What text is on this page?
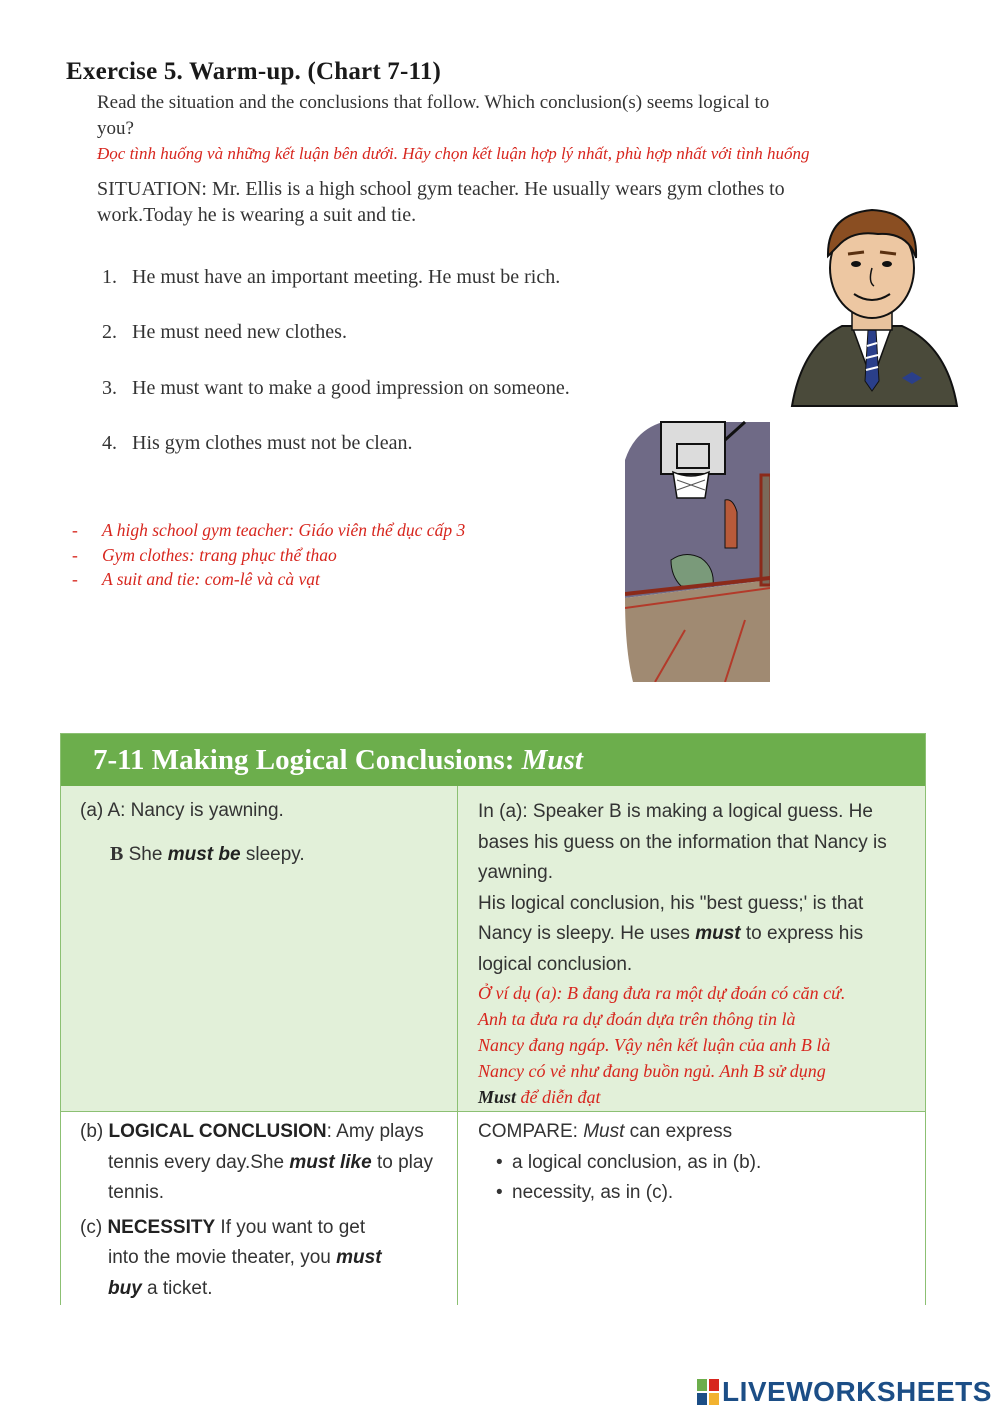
Exercise 5. Warm-up. (Chart 7-11)
Read the situation and the conclusions that follow. Which conclusion(s) seems logical to
you?
Đọc tình huống và những kết luận bên dưới. Hãy chọn kết luận hợp lý nhất, phù hợp nhất với tình huống
SITUATION: Mr. Ellis is a high school gym teacher. He usually wears gym clothes to
work.Today he is wearing a suit and tie.
1. He must have an important meeting. He must be rich.
2. He must need new clothes.
3. He must want to make a good impression on someone.
4. His gym clothes must not be clean.
- A high school gym teacher: Giáo viên thể dục cấp 3
- Gym clothes: trang phục thể thao
- A suit and tie: com-lê và cà vạt
7-11 Making Logical Conclusions: Must
(a) A: Nancy is yawning.
B She must be sleepy.
In (a): Speaker B is making a logical guess. He
bases his guess on the information that Nancy is
yawning.
His logical conclusion, his "best guess;' is that
Nancy is sleepy. He uses must to express his
logical conclusion.
Ở ví dụ (a): B đang đưa ra một dự đoán có căn cứ.
Anh ta đưa ra dự đoán dựa trên thông tin là
Nancy đang ngáp. Vậy nên kết luận của anh B là
Nancy có vẻ như đang buồn ngủ. Anh B sử dụng
Must để diễn đạt
(b) LOGICAL CONCLUSION: Amy plays
tennis every day.She must like to play
tennis.
(c) NECESSITY If you want to get
into the movie theater, you must
buy a ticket.
COMPARE: Must can express
• a logical conclusion, as in (b).
• necessity, as in (c).
LIVEWORKSHEETS
